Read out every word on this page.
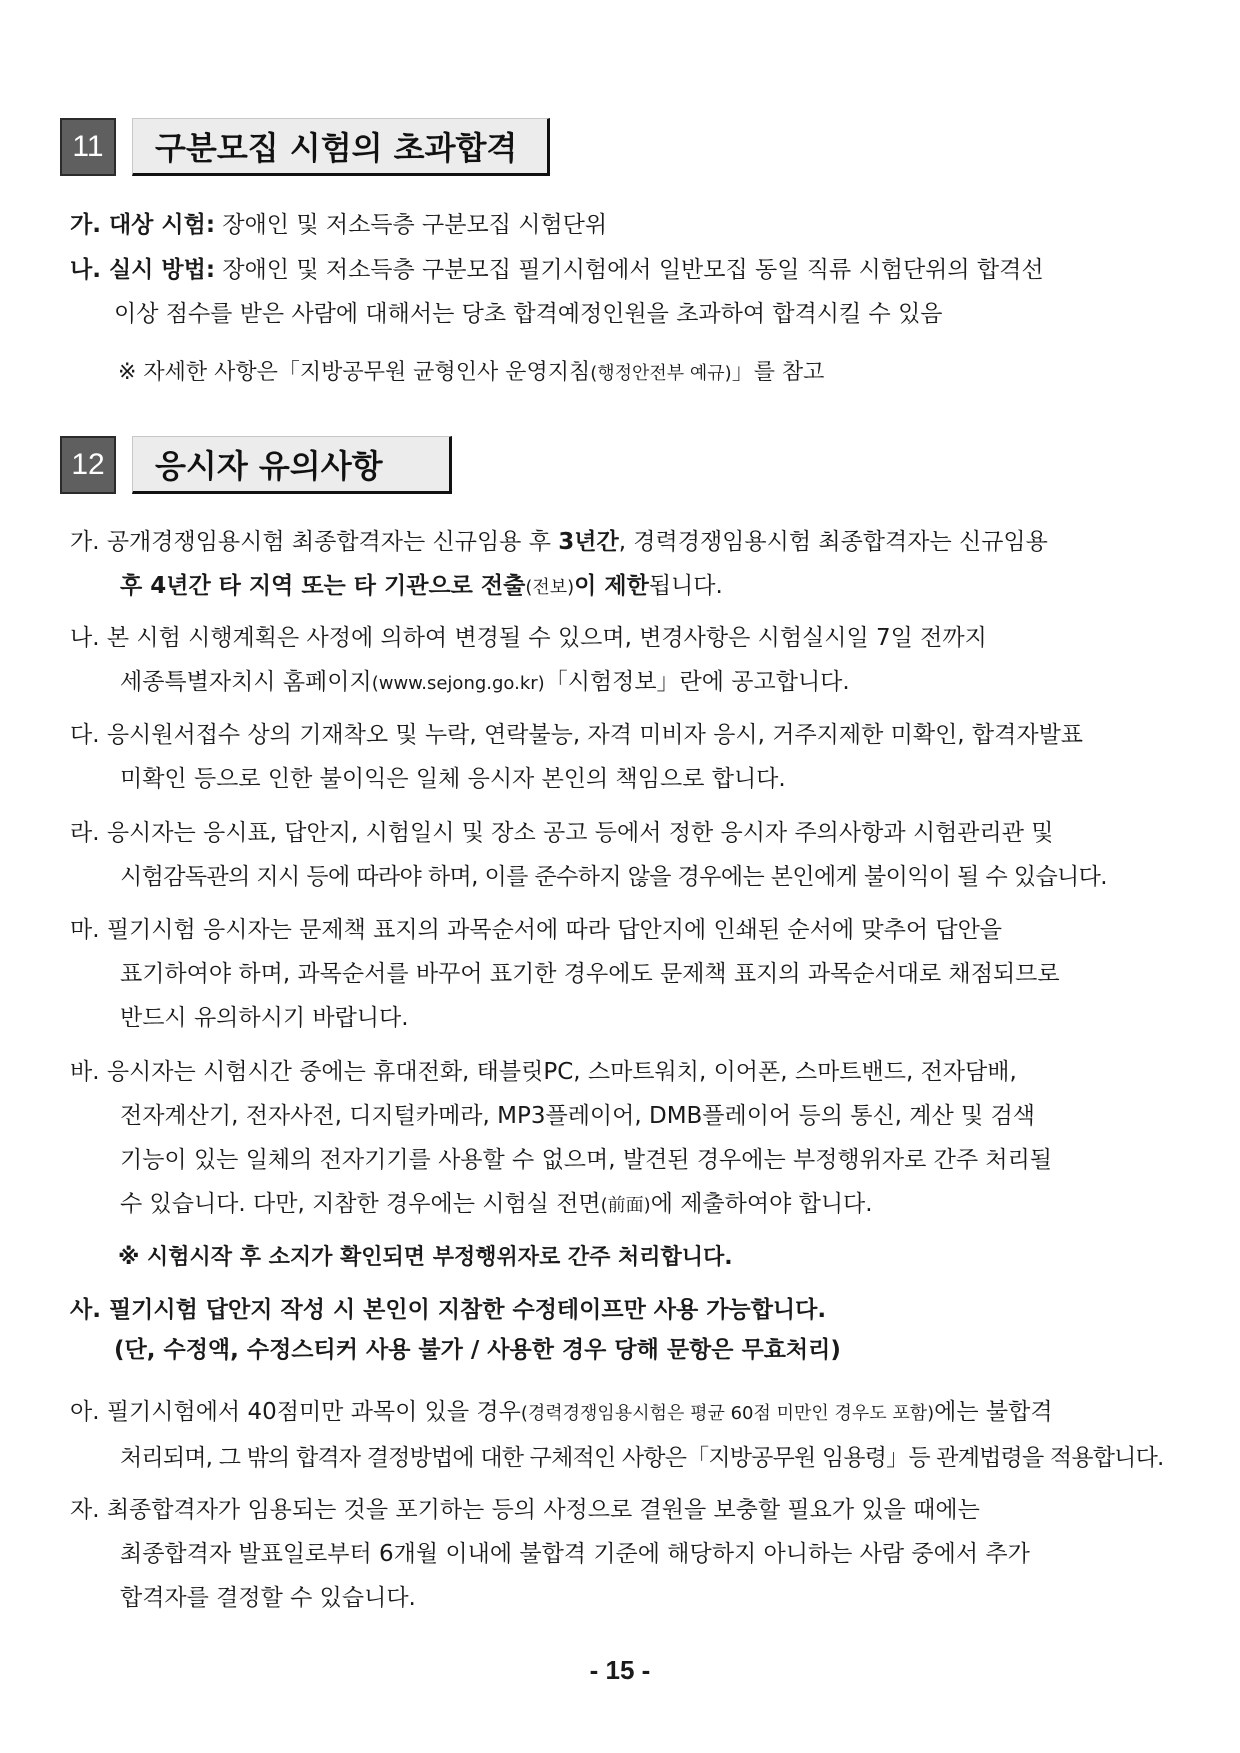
11	구분모집 시험의 초과합격
가. 대상 시험: 장애인 및 저소득층 구분모집 시험단위
나. 실시 방법: 장애인 및 저소득층 구분모집 필기시험에서 일반모집 동일 직류 시험단위의 합격선
이상 점수를 받은 사람에 대해서는 당초 합격예정인원을 초과하여 합격시킬 수 있음
※ 자세한 사항은「지방공무원 균형인사 운영지침(행정안전부 예규)」를 참고
12	응시자 유의사항
가. 공개경쟁임용시험 최종합격자는 신규임용 후 3년간, 경력경쟁임용시험 최종합격자는 신규임용
후 4년간 타 지역 또는 타 기관으로 전출(전보)이 제한됩니다.
나. 본 시험 시행계획은 사정에 의하여 변경될 수 있으며, 변경사항은 시험실시일 7일 전까지
세종특별자치시 홈페이지(www.sejong.go.kr)「시험정보」란에 공고합니다.
다. 응시원서접수 상의 기재착오 및 누락, 연락불능, 자격 미비자 응시, 거주지제한 미확인, 합격자발표
미확인 등으로 인한 불이익은 일체 응시자 본인의 책임으로 합니다.
라. 응시자는 응시표, 답안지, 시험일시 및 장소 공고 등에서 정한 응시자 주의사항과 시험관리관 및
시험감독관의 지시 등에 따라야 하며, 이를 준수하지 않을 경우에는 본인에게 불이익이 될 수 있습니다.
마. 필기시험 응시자는 문제책 표지의 과목순서에 따라 답안지에 인쇄된 순서에 맞추어 답안을
표기하여야 하며, 과목순서를 바꾸어 표기한 경우에도 문제책 표지의 과목순서대로 채점되므로
반드시 유의하시기 바랍니다.
바. 응시자는 시험시간 중에는 휴대전화, 태블릿PC, 스마트워치, 이어폰, 스마트밴드, 전자담배,
전자계산기, 전자사전, 디지털카메라, MP3플레이어, DMB플레이어 등의 통신, 계산 및 검색
기능이 있는 일체의 전자기기를 사용할 수 없으며, 발견된 경우에는 부정행위자로 간주 처리될
수 있습니다. 다만, 지참한 경우에는 시험실 전면(前面)에 제출하여야 합니다.
※ 시험시작 후 소지가 확인되면 부정행위자로 간주 처리합니다.
사. 필기시험 답안지 작성 시 본인이 지참한 수정테이프만 사용 가능합니다.
(단, 수정액, 수정스티커 사용 불가 / 사용한 경우 당해 문항은 무효처리)
아. 필기시험에서 40점미만 과목이 있을 경우(경력경쟁임용시험은 평균 60점 미만인 경우도 포함)에는 불합격
처리되며, 그 밖의 합격자 결정방법에 대한 구체적인 사항은「지방공무원 임용령」등 관계법령을 적용합니다.
자. 최종합격자가 임용되는 것을 포기하는 등의 사정으로 결원을 보충할 필요가 있을 때에는
최종합격자 발표일로부터 6개월 이내에 불합격 기준에 해당하지 아니하는 사람 중에서 추가
합격자를 결정할 수 있습니다.
- 15 -
